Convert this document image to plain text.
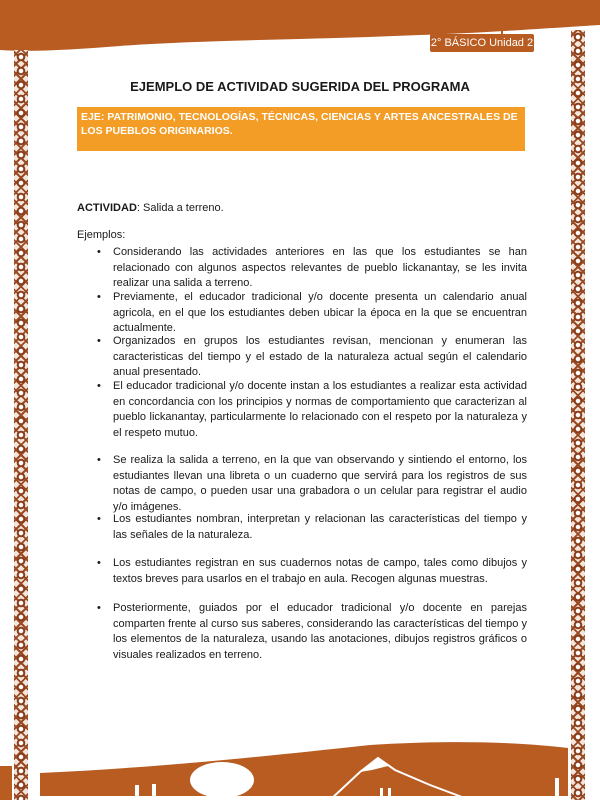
2° BÁSICO Unidad 2
EJEMPLO DE ACTIVIDAD SUGERIDA DEL PROGRAMA
EJE: PATRIMONIO, TECNOLOGÍAS, TÉCNICAS, CIENCIAS Y ARTES ANCESTRALES DE LOS PUEBLOS ORIGINARIOS.
ACTIVIDAD: Salida a terreno.
Ejemplos:
• Considerando las actividades anteriores en las que los estudiantes se han relacionado con algunos aspectos relevantes de pueblo lickanantay, se les invita realizar una salida a terreno.
• Previamente, el educador tradicional y/o docente presenta un calendario anual agricola, en el que los estudiantes deben ubicar la época en la que se encuentran actualmente.
• Organizados en grupos los estudiantes revisan, mencionan y enumeran las caracteristicas del tiempo y el estado de la naturaleza actual según el calendario anual presentado.
• El educador tradicional y/o docente instan a los estudiantes a realizar esta actividad en concordancia con los principios y normas de comportamiento que caracterizan al pueblo lickanantay, particularmente lo relacionado con el respeto por la naturaleza y el respeto mutuo.
• Se realiza la salida a terreno, en la que van observando y sintiendo el entorno, los estudiantes llevan una libreta o un cuaderno que servirá para los registros de sus notas de campo, o pueden usar una grabadora o un celular para registrar el audio y/o imágenes.
• Los estudiantes nombran, interpretan y relacionan las características del tiempo y las señales de la naturaleza.
• Los estudiantes registran en sus cuadernos notas de campo, tales como dibujos y textos breves para usarlos en el trabajo en aula. Recogen algunas muestras.
• Posteriormente, guiados por el educador tradicional y/o docente en parejas comparten frente al curso sus saberes, considerando las características del tiempo y los elementos de la naturaleza, usando las anotaciones, dibujos registros gráficos o visuales realizados en terreno.
